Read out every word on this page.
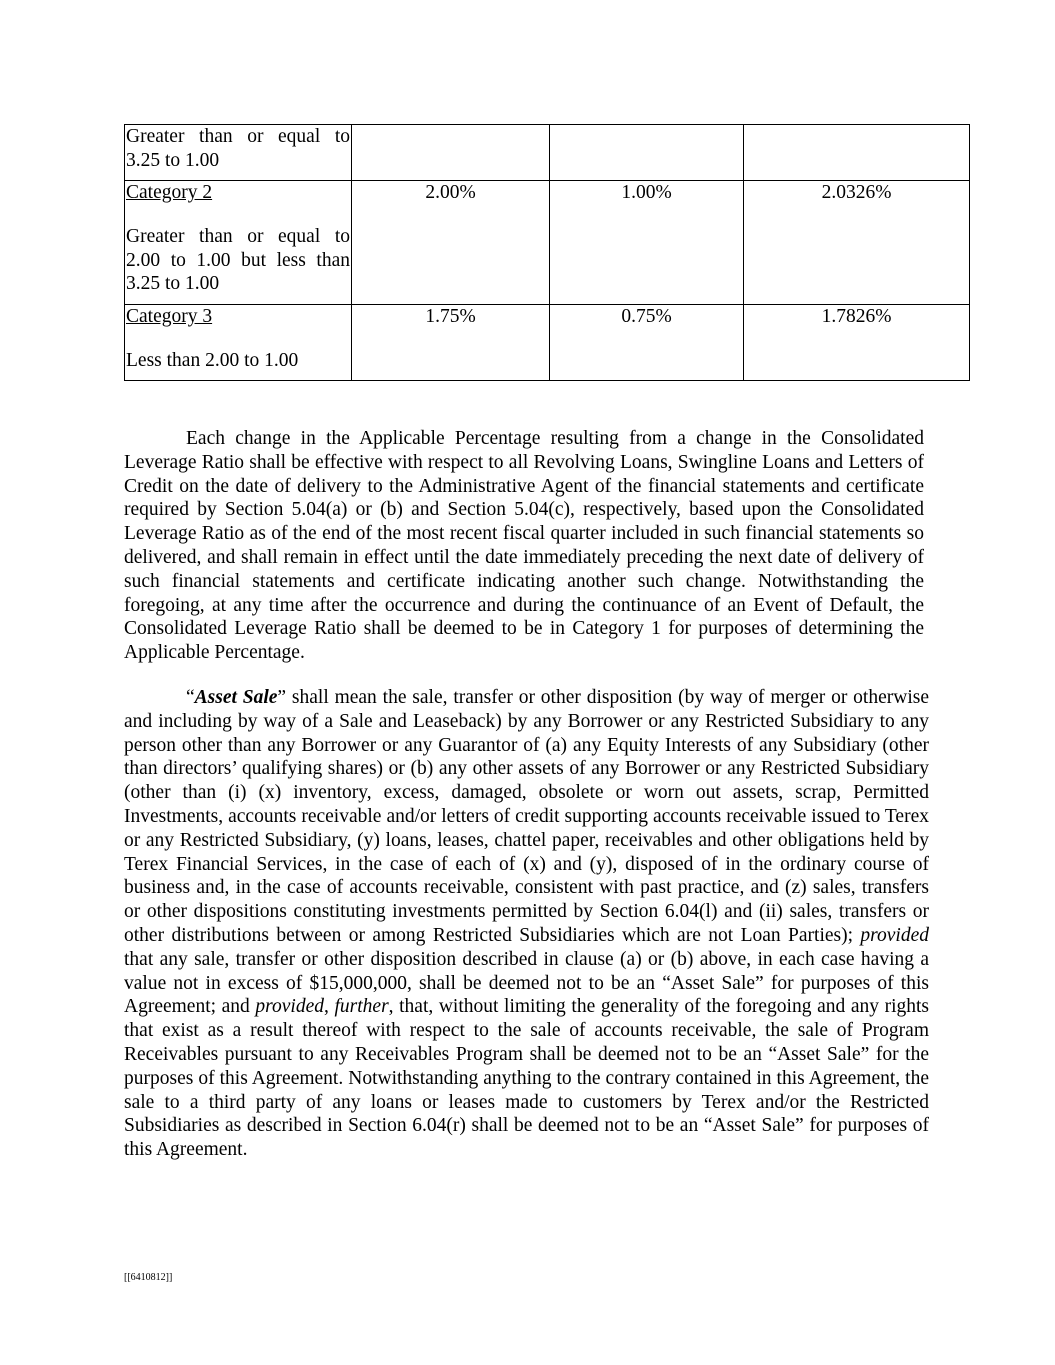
Greater than or equal to 3.25 to 1.00			

Category 2
Greater than or equal to 2.00 to 1.00 but less than 3.25 to 1.00	2.00%	1.00%	2.0326%

Category 3
Less than 2.00 to 1.00	1.75%	0.75%	1.7826%

Each change in the Applicable Percentage resulting from a change in the Consolidated Leverage Ratio shall be effective with respect to all Revolving Loans, Swingline Loans and Letters of Credit on the date of delivery to the Administrative Agent of the financial statements and certificate required by Section 5.04(a) or (b) and Section 5.04(c), respectively, based upon the Consolidated Leverage Ratio as of the end of the most recent fiscal quarter included in such financial statements so delivered, and shall remain in effect until the date immediately preceding the next date of delivery of such financial statements and certificate indicating another such change. Notwithstanding the foregoing, at any time after the occurrence and during the continuance of an Event of Default, the Consolidated Leverage Ratio shall be deemed to be in Category 1 for purposes of determining the Applicable Percentage.

“Asset Sale” shall mean the sale, transfer or other disposition (by way of merger or otherwise and including by way of a Sale and Leaseback) by any Borrower or any Restricted Subsidiary to any person other than any Borrower or any Guarantor of (a) any Equity Interests of any Subsidiary (other than directors’ qualifying shares) or (b) any other assets of any Borrower or any Restricted Subsidiary (other than (i) (x) inventory, excess, damaged, obsolete or worn out assets, scrap, Permitted Investments, accounts receivable and/or letters of credit supporting accounts receivable issued to Terex or any Restricted Subsidiary, (y) loans, leases, chattel paper, receivables and other obligations held by Terex Financial Services, in the case of each of (x) and (y), disposed of in the ordinary course of business and, in the case of accounts receivable, consistent with past practice, and (z) sales, transfers or other dispositions constituting investments permitted by Section 6.04(l) and (ii) sales, transfers or other distributions between or among Restricted Subsidiaries which are not Loan Parties); provided that any sale, transfer or other disposition described in clause (a) or (b) above, in each case having a value not in excess of $15,000,000, shall be deemed not to be an “Asset Sale” for purposes of this Agreement; and provided, further, that, without limiting the generality of the foregoing and any rights that exist as a result thereof with respect to the sale of accounts receivable, the sale of Program Receivables pursuant to any Receivables Program shall be deemed not to be an “Asset Sale” for the purposes of this Agreement. Notwithstanding anything to the contrary contained in this Agreement, the sale to a third party of any loans or leases made to customers by Terex and/or the Restricted Subsidiaries as described in Section 6.04(r) shall be deemed not to be an “Asset Sale” for purposes of this Agreement.

[[6410812]]
